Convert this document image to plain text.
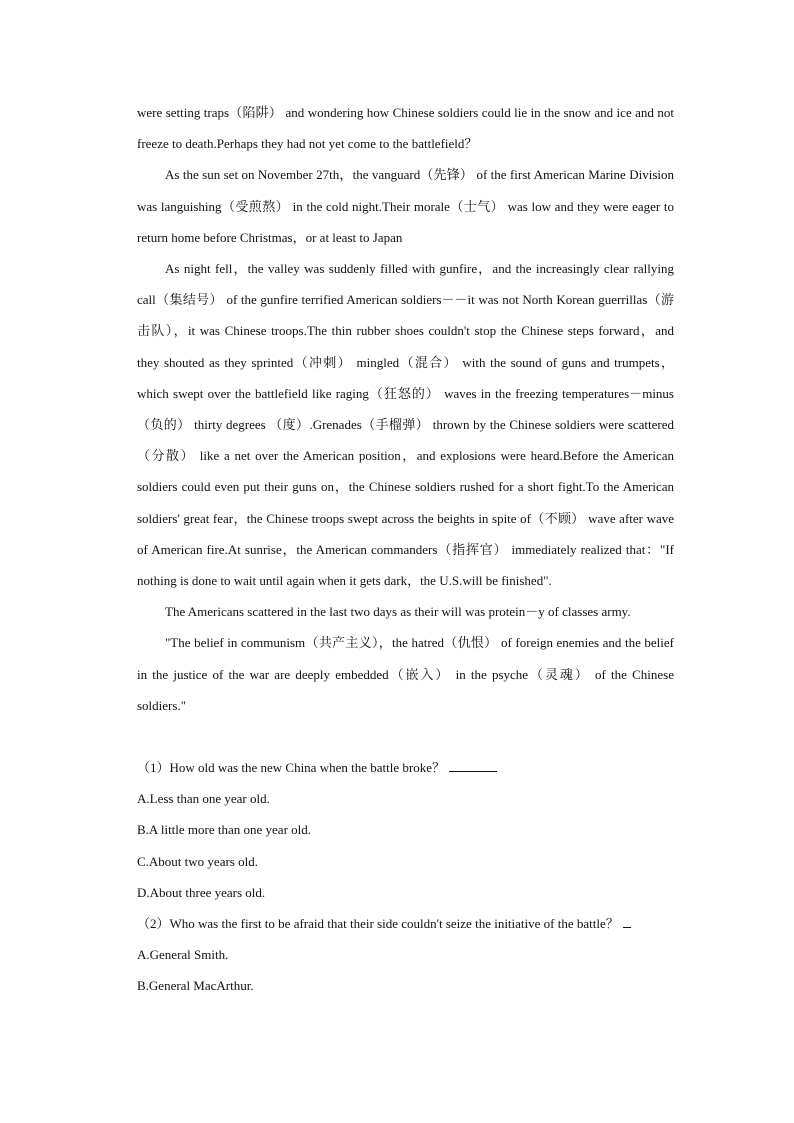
were setting traps（陷阱） and wondering how Chinese soldiers could lie in the snow and ice and not freeze to death.Perhaps they had not yet come to the battlefield？

As the sun set on November 27th，the vanguard（先锋） of the first American Marine Division was languishing（受煎熬） in the cold night.Their morale（士气） was low and they were eager to return home before Christmas，or at least to Japan

As night fell，the valley was suddenly filled with gunfire，and the increasingly clear rallying call（集结号） of the gunfire terrified American soldiers－－it was not North Korean guerrillas（游击队），it was Chinese troops.The thin rubber shoes couldn't stop the Chinese steps forward，and they shouted as they sprinted（冲刺） mingled（混合） with the sound of guns and trumpets，which swept over the battlefield like raging（狂怒的） waves in the freezing temperatures－minus（负的） thirty degrees （度）.Grenades（手榴弹） thrown by the Chinese soldiers were scattered（分散） like a net over the American position，and explosions were heard.Before the American soldiers could even put their guns on，the Chinese soldiers rushed for a short fight.To the American soldiers' great fear，the Chinese troops swept across the beights in spite of（不顾） wave after wave of American fire.At sunrise，the American commanders（指挥官） immediately realized that："If nothing is done to wait until again when it gets dark，the U.S.will be finished".

The Americans scattered in the last two days as their will was protein－y of classes army.

"The belief in communism（共产主义），the hatred（仇恨） of foreign enemies and the belief in the justice of the war are deeply embedded（嵌入） in the psyche（灵魂） of the Chinese soldiers."

（1）How old was the new China when the battle broke？

A.Less than one year old.

B.A little more than one year old.

C.About two years old.

D.About three years old.

（2）Who was the first to be afraid that their side couldn't seize the initiative of the battle？

A.General Smith.

B.General MacArthur.
